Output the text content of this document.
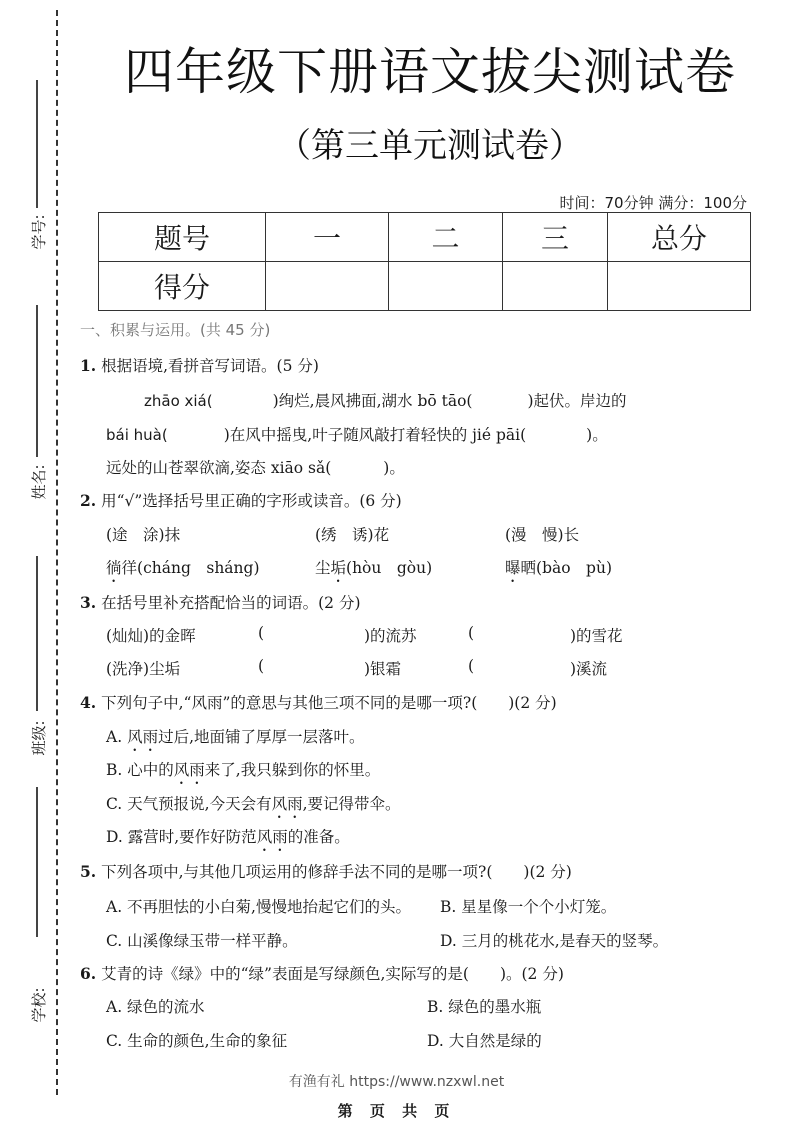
学号:
姓名:
班级:
学校:
四年级下册语文拔尖测试卷
（第三单元测试卷）
时间：70分钟 满分：100分
题号	一	二	三	总分
得分				
一、积累与运用。(共 45 分)
1. 根据语境,看拼音写词语。(5 分)
zhāo xiá(	)绚烂,晨风拂面,湖水 bō tāo(	)起伏。岸边的
bái huà(	)在风中摇曳,叶子随风敲打着轻快的 jié pāi(	)。
远处的山苍翠欲滴,姿态 xiāo sǎ(	)。
2. 用“√”选择括号里正确的字形或读音。(6 分)
(途　涂)抹	(绣　诱)花	(漫　慢)长
徜徉(cháng　sháng)	尘垢(hòu　gòu)	曝晒(bào　pù)
3. 在括号里补充搭配恰当的词语。(2 分)
(灿灿)的金晖	(	)的流苏	(	)的雪花
(洗净)尘垢	(	)银霜	(	)溪流
4. 下列句子中,“风雨”的意思与其他三项不同的是哪一项?(　　)(2 分)
A. 风雨过后,地面铺了厚厚一层落叶。
B. 心中的风雨来了,我只躲到你的怀里。
C. 天气预报说,今天会有风雨,要记得带伞。
D. 露营时,要作好防范风雨的准备。
5. 下列各项中,与其他几项运用的修辞手法不同的是哪一项?(　　)(2 分)
A. 不再胆怯的小白菊,慢慢地抬起它们的头。 B. 星星像一个个小灯笼。
C. 山溪像绿玉带一样平静。	D. 三月的桃花水,是春天的竖琴。
6. 艾青的诗《绿》中的“绿”表面是写绿颜色,实际写的是(　　)。(2 分)
A. 绿色的流水	B. 绿色的墨水瓶
C. 生命的颜色,生命的象征	D. 大自然是绿的
有渔有礼 https://www.nzxwl.net
第 页 共 页
